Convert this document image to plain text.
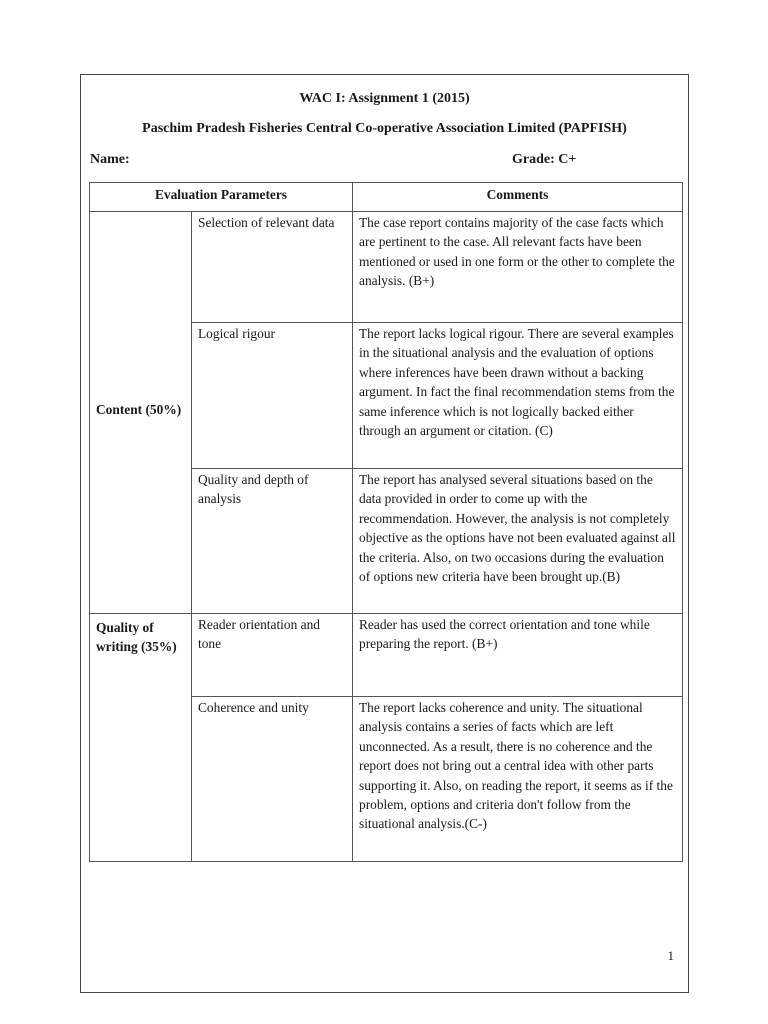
WAC I: Assignment 1 (2015)
Paschim Pradesh Fisheries Central Co-operative Association Limited (PAPFISH)
Name:	Grade: C+
Evaluation Parameters		Comments
Content (50%)	Selection of relevant data	The case report contains majority of the case facts which are pertinent to the case. All relevant facts have been mentioned or used in one form or the other to complete the analysis. (B+)
	Logical rigour	The report lacks logical rigour. There are several examples in the situational analysis and the evaluation of options where inferences have been drawn without a backing argument. In fact the final recommendation stems from the same inference which is not logically backed either through an argument or citation. (C)
	Quality and depth of analysis	The report has analysed several situations based on the data provided in order to come up with the recommendation. However, the analysis is not completely objective as the options have not been evaluated against all the criteria. Also, on two occasions during the evaluation of options new criteria have been brought up.(B)
Quality of writing (35%)	Reader orientation and tone	Reader has used the correct orientation and tone while preparing the report. (B+)
	Coherence and unity	The report lacks coherence and unity. The situational analysis contains a series of facts which are left unconnected. As a result, there is no coherence and the report does not bring out a central idea with other parts supporting it. Also, on reading the report, it seems as if the problem, options and criteria don't follow from the situational analysis.(C-)
1
